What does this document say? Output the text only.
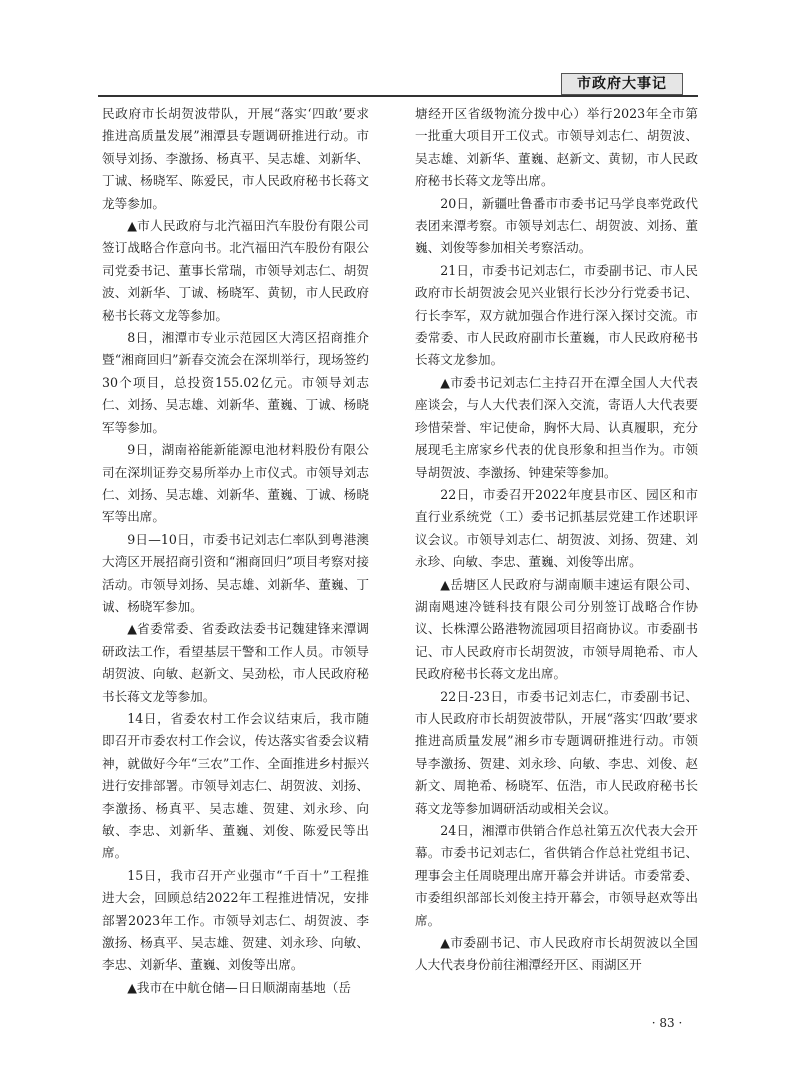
市政府大事记

民政府市长胡贺波带队，开展“落实‘四敢’要求 推进高质量发展”湘潭县专题调研推进行动。市领导刘扬、李激扬、杨真平、吴志雄、刘新华、丁诚、杨晓军、陈爱民，市人民政府秘书长蒋文龙等参加。

▲市人民政府与北汽福田汽车股份有限公司签订战略合作意向书。北汽福田汽车股份有限公司党委书记、董事长常瑞，市领导刘志仁、胡贺波、刘新华、丁诚、杨晓军、黄韧，市人民政府秘书长蒋文龙等参加。

8日，湘潭市专业示范园区大湾区招商推介暨“湘商回归”新春交流会在深圳举行，现场签约30个项目，总投资155.02亿元。市领导刘志仁、刘扬、吴志雄、刘新华、董巍、丁诚、杨晓军等参加。

9日，湖南裕能新能源电池材料股份有限公司在深圳证券交易所举办上市仪式。市领导刘志仁、刘扬、吴志雄、刘新华、董巍、丁诚、杨晓军等出席。

9日—10日，市委书记刘志仁率队到粤港澳大湾区开展招商引资和“湘商回归”项目考察对接活动。市领导刘扬、吴志雄、刘新华、董巍、丁诚、杨晓军参加。

▲省委常委、省委政法委书记魏建锋来潭调研政法工作，看望基层干警和工作人员。市领导胡贺波、向敏、赵新文、吴劲松，市人民政府秘书长蒋文龙等参加。

14日，省委农村工作会议结束后，我市随即召开市委农村工作会议，传达落实省委会议精神，就做好今年“三农”工作、全面推进乡村振兴进行安排部署。市领导刘志仁、胡贺波、刘扬、李激扬、杨真平、吴志雄、贺建、刘永珍、向敏、李忠、刘新华、董巍、刘俊、陈爱民等出席。

15日，我市召开产业强市“千百十”工程推进大会，回顾总结2022年工程推进情况，安排部署2023年工作。市领导刘志仁、胡贺波、李激扬、杨真平、吴志雄、贺建、刘永珍、向敏、李忠、刘新华、董巍、刘俊等出席。

▲我市在中航仓储—日日顺湖南基地（岳

塘经开区省级物流分拨中心）举行2023年全市第一批重大项目开工仪式。市领导刘志仁、胡贺波、吴志雄、刘新华、董巍、赵新文、黄韧，市人民政府秘书长蒋文龙等出席。

20日，新疆吐鲁番市市委书记马学良率党政代表团来潭考察。市领导刘志仁、胡贺波、刘扬、董巍、刘俊等参加相关考察活动。

21日，市委书记刘志仁，市委副书记、市人民政府市长胡贺波会见兴业银行长沙分行党委书记、行长李军，双方就加强合作进行深入探讨交流。市委常委、市人民政府副市长董巍，市人民政府秘书长蒋文龙参加。

▲市委书记刘志仁主持召开在潭全国人大代表座谈会，与人大代表们深入交流，寄语人大代表要珍惜荣誉、牢记使命，胸怀大局、认真履职，充分展现毛主席家乡代表的优良形象和担当作为。市领导胡贺波、李激扬、钟建荣等参加。

22日，市委召开2022年度县市区、园区和市直行业系统党（工）委书记抓基层党建工作述职评议会议。市领导刘志仁、胡贺波、刘扬、贺建、刘永珍、向敏、李忠、董巍、刘俊等出席。

▲岳塘区人民政府与湖南顺丰速运有限公司、湖南飓速冷链科技有限公司分别签订战略合作协议、长株潭公路港物流园项目招商协议。市委副书记、市人民政府市长胡贺波，市领导周艳希、市人民政府秘书长蒋文龙出席。

22日-23日，市委书记刘志仁，市委副书记、市人民政府市长胡贺波带队，开展“落实‘四敢’要求 推进高质量发展”湘乡市专题调研推进行动。市领导李激扬、贺建、刘永珍、向敏、李忠、刘俊、赵新文、周艳希、杨晓军、伍浩，市人民政府秘书长蒋文龙等参加调研活动或相关会议。

24日，湘潭市供销合作总社第五次代表大会开幕。市委书记刘志仁，省供销合作总社党组书记、理事会主任周晓理出席开幕会并讲话。市委常委、市委组织部部长刘俊主持开幕会，市领导赵欢等出席。

▲市委副书记、市人民政府市长胡贺波以全国人大代表身份前往湘潭经开区、雨湖区开

· 83 ·
